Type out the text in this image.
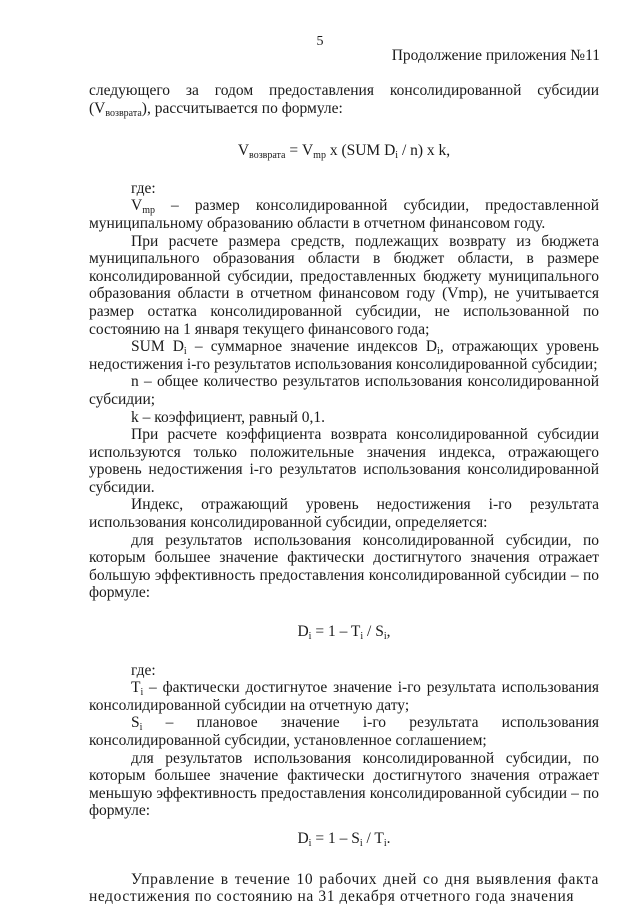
5
Продолжение приложения №11

следующего за годом предоставления консолидированной субсидии $(V_{возврата})$, рассчитывается по формуле:

$V_{возврата} = V_{mp}$ x (SUM $D_i / n$) x k,

где:

$V_{mp}$ – размер консолидированной субсидии, предоставленной муниципальному образованию области в отчетном финансовом году.

При расчете размера средств, подлежащих возврату из бюджета муниципального образования области в бюджет области, в размере консолидированной субсидии, предоставленных бюджету муниципального образования области в отчетном финансовом году (Vmp), не учитывается размер остатка консолидированной субсидии, не использованной по состоянию на 1 января текущего финансового года;

SUM $D_i$ – суммарное значение индексов $D_i$, отражающих уровень недостижения i-го результатов использования консолидированной субсидии;

n – общее количество результатов использования консолидированной субсидии;

k – коэффициент, равный 0,1.

При расчете коэффициента возврата консолидированной субсидии используются только положительные значения индекса, отражающего уровень недостижения i-го результатов использования консолидированной субсидии.

Индекс, отражающий уровень недостижения i-го результата использования консолидированной субсидии, определяется:

для результатов использования консолидированной субсидии, по которым большее значение фактически достигнутого значения отражает большую эффективность предоставления консолидированной субсидии – по формуле:

$D_i = 1 - T_i / S_i$,

где:

$T_i$ – фактически достигнутое значение i-го результата использования консолидированной субсидии на отчетную дату;

$S_i$ – плановое значение i-го результата использования консолидированной субсидии, установленное соглашением;

для результатов использования консолидированной субсидии, по которым большее значение фактически достигнутого значения отражает меньшую эффективность предоставления консолидированной субсидии – по формуле:

$D_i = 1 - S_i / T_i$.

Управление в течение 10 рабочих дней со дня выявления факта недостижения по состоянию на 31 декабря отчетного года значения
